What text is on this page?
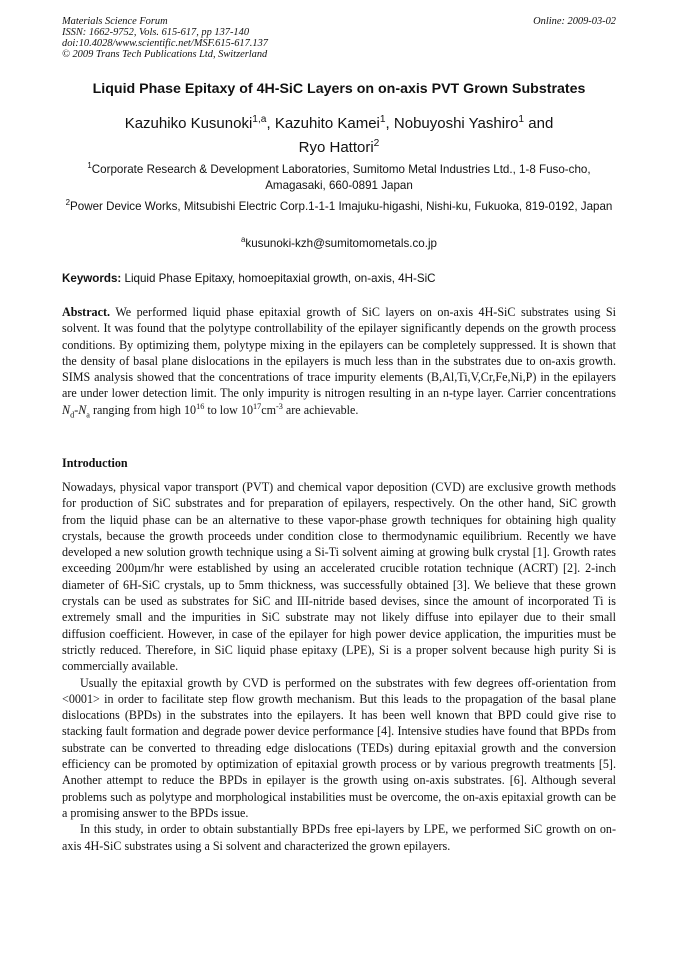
Materials Science Forum
ISSN: 1662-9752, Vols. 615-617, pp 137-140
doi:10.4028/www.scientific.net/MSF.615-617.137
© 2009 Trans Tech Publications Ltd, Switzerland
Online: 2009-03-02
Liquid Phase Epitaxy of 4H-SiC Layers on on-axis PVT Grown Substrates
Kazuhiko Kusunoki$^{1,a}$, Kazuhito Kamei$^1$, Nobuyoshi Yashiro$^1$ and
Ryo Hattori$^2$
$^1$Corporate Research & Development Laboratories, Sumitomo Metal Industries Ltd., 1-8 Fuso-cho, Amagasaki, 660-0891 Japan
$^2$Power Device Works, Mitsubishi Electric Corp.1-1-1 Imajuku-higashi, Nishi-ku, Fukuoka, 819-0192, Japan
$^a$kusunoki-kzh@sumitomometals.co.jp
Keywords: Liquid Phase Epitaxy, homoepitaxial growth, on-axis, 4H-SiC
Abstract. We performed liquid phase epitaxial growth of SiC layers on on-axis 4H-SiC substrates using Si solvent. It was found that the polytype controllability of the epilayer significantly depends on the growth process conditions. By optimizing them, polytype mixing in the epilayers can be completely suppressed. It is shown that the density of basal plane dislocations in the epilayers is much less than in the substrates due to on-axis growth. SIMS analysis showed that the concentrations of trace impurity elements (B,Al,Ti,V,Cr,Fe,Ni,P) in the epilayers are under lower detection limit. The only impurity is nitrogen resulting in an n-type layer. Carrier concentrations $N_d-N_a$ ranging from high $10^{16}$ to low $10^{17}cm^{-3}$ are achievable.
Introduction

Nowadays, physical vapor transport (PVT) and chemical vapor deposition (CVD) are exclusive growth methods for production of SiC substrates and for preparation of epilayers, respectively. On the other hand, SiC growth from the liquid phase can be an alternative to these vapor-phase growth techniques for obtaining high quality crystals, because the growth proceeds under condition close to thermodynamic equilibrium. Recently we have developed a new solution growth technique using a Si-Ti solvent aiming at growing bulk crystal [1]. Growth rates exceeding 200µm/hr were established by using an accelerated crucible rotation technique (ACRT) [2]. 2-inch diameter of 6H-SiC crystals, up to 5mm thickness, was successfully obtained [3]. We believe that these grown crystals can be used as substrates for SiC and III-nitride based devises, since the amount of incorporated Ti is extremely small and the impurities in SiC substrate may not likely diffuse into epilayer due to their small diffusion coefficient. However, in case of the epilayer for high power device application, the impurities must be strictly reduced. Therefore, in SiC liquid phase epitaxy (LPE), Si is a proper solvent because high purity Si is commercially available.

Usually the epitaxial growth by CVD is performed on the substrates with few degrees off-orientation from <0001> in order to facilitate step flow growth mechanism. But this leads to the propagation of the basal plane dislocations (BPDs) in the substrates into the epilayers. It has been well known that BPD could give rise to stacking fault formation and degrade power device performance [4]. Intensive studies have found that BPDs from substrate can be converted to threading edge dislocations (TEDs) during epitaxial growth and the conversion efficiency can be promoted by optimization of epitaxial growth process or by various pregrowth treatments [5]. Another attempt to reduce the BPDs in epilayer is the growth using on-axis substrates. [6]. Although several problems such as polytype and morphological instabilities must be overcome, the on-axis epitaxial growth can be a promising answer to the BPDs issue.

In this study, in order to obtain substantially BPDs free epi-layers by LPE, we performed SiC growth on on-axis 4H-SiC substrates using a Si solvent and characterized the grown epilayers.
